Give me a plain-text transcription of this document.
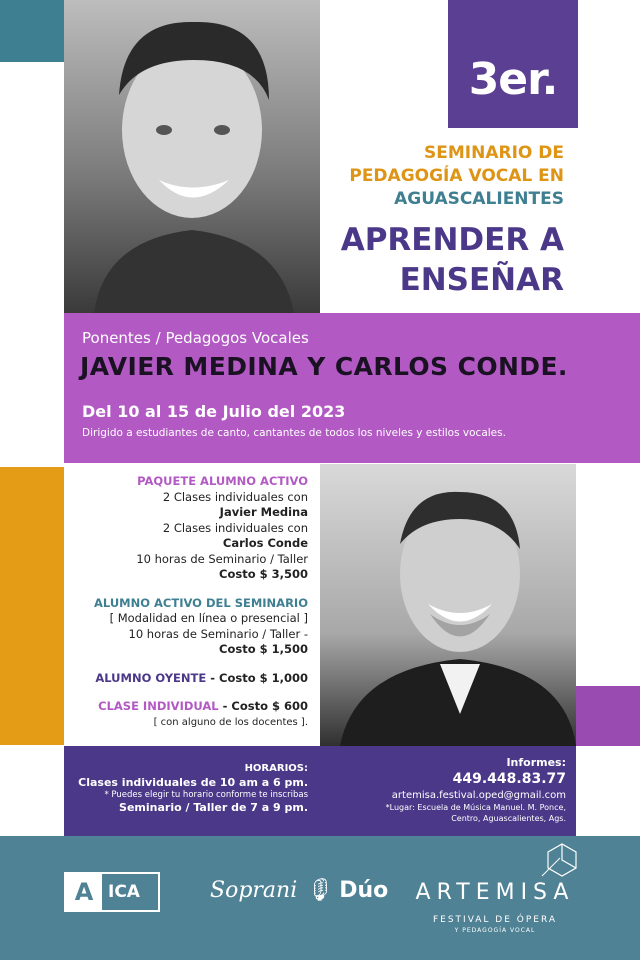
3er.
SEMINARIO DE
PEDAGOGÍA VOCAL EN
AGUASCALIENTES
APRENDER A
ENSEÑAR
Ponentes / Pedagogos Vocales
JAVIER MEDINA Y CARLOS CONDE.
Del 10 al 15 de Julio del 2023
Dirigido a estudiantes de canto, cantantes de todos los niveles y estilos vocales.
PAQUETE ALUMNO ACTIVO
2 Clases individuales con
Javier Medina
2 Clases individuales con
Carlos Conde
10 horas de Seminario / Taller
Costo $ 3,500
ALUMNO ACTIVO DEL SEMINARIO
[ Modalidad en línea o presencial ]
10 horas de Seminario / Taller -
Costo $ 1,500
ALUMNO OYENTE - Costo $ 1,000
CLASE INDIVIDUAL - Costo $ 600
[ con alguno de los docentes ].
HORARIOS:
Clases individuales de 10 am a 6 pm.
* Puedes elegir tu horario conforme te inscribas
Seminario / Taller de 7 a 9 pm.
Informes:
449.448.83.77
artemisa.festival.oped@gmail.com
*Lugar: Escuela de Música Manuel. M. Ponce,
Centro, Aguascalientes, Ags.
A ICA	Soprani 🎙 Dúo ARTEMISA
FESTIVAL DE ÓPERA
Y PEDAGOGÍA VOCAL
